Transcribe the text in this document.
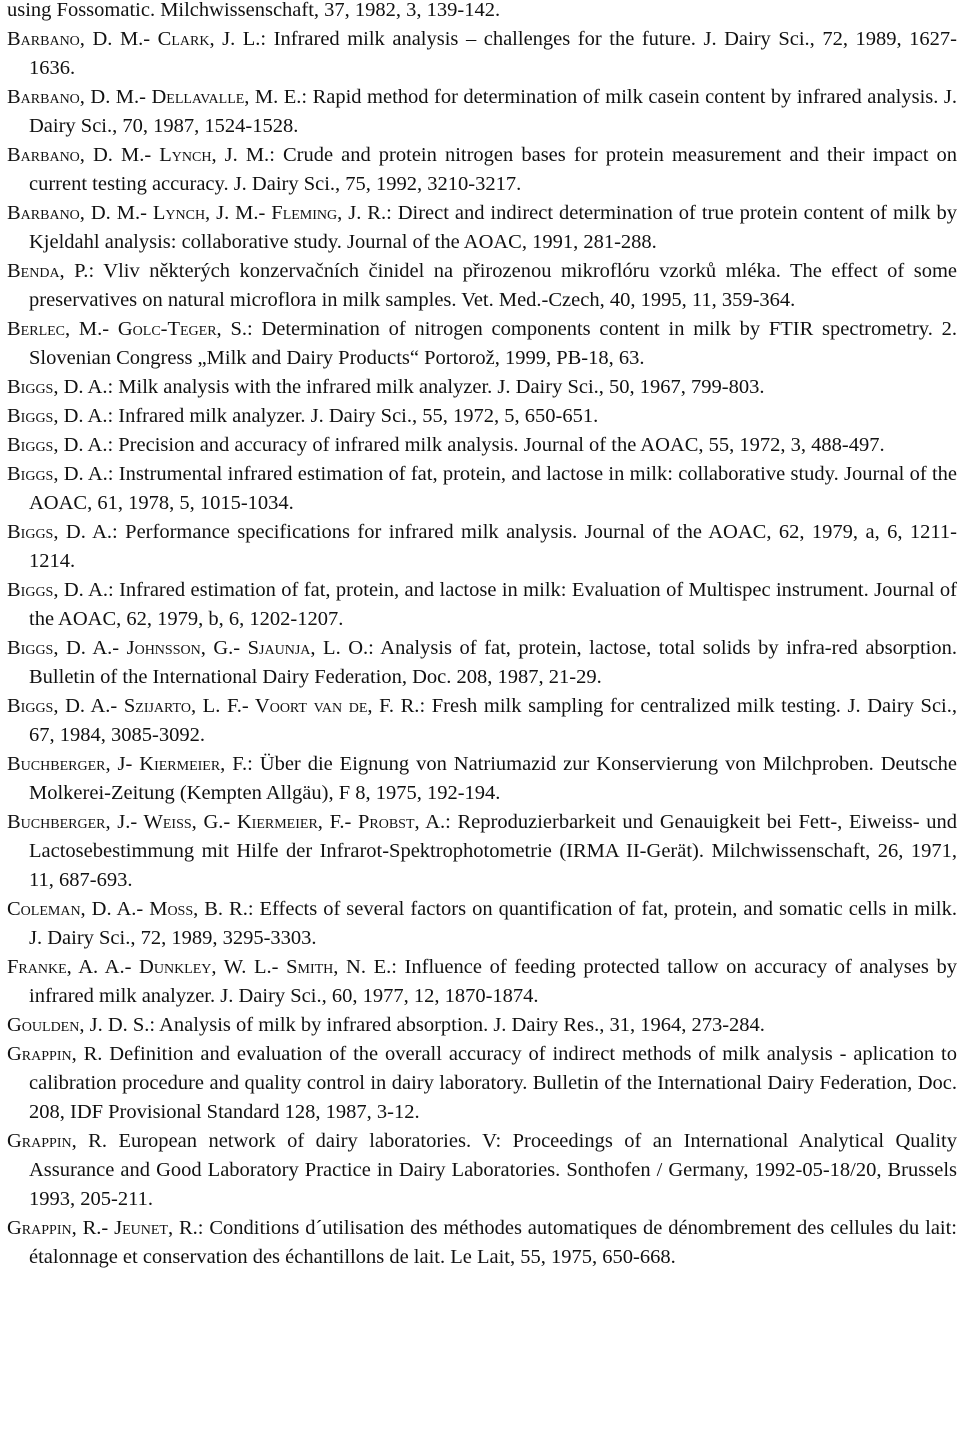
using Fossomatic. Milchwissenschaft, 37, 1982, 3, 139-142.
Barbano, D. M.- Clark, J. L.: Infrared milk analysis – challenges for the future. J. Dairy Sci., 72, 1989, 1627-1636.
Barbano, D. M.- Dellavalle, M. E.: Rapid method for determination of milk casein content by infrared analysis. J. Dairy Sci., 70, 1987, 1524-1528.
Barbano, D. M.- Lynch, J. M.: Crude and protein nitrogen bases for protein measurement and their impact on current testing accuracy. J. Dairy Sci., 75, 1992, 3210-3217.
Barbano, D. M.- Lynch, J. M.- Fleming, J. R.: Direct and indirect determination of true protein content of milk by Kjeldahl analysis: collaborative study. Journal of the AOAC, 1991, 281-288.
Benda, P.: Vliv některých konzervačních činidel na přirozenou mikroflóru vzorků mléka. The effect of some preservatives on natural microflora in milk samples. Vet. Med.-Czech, 40, 1995, 11, 359-364.
Berlec, M.- Golc-Teger, S.: Determination of nitrogen components content in milk by FTIR spectrometry. 2. Slovenian Congress „Milk and Dairy Products“ Portorož, 1999, PB-18, 63.
Biggs, D. A.: Milk analysis with the infrared milk analyzer. J. Dairy Sci., 50, 1967, 799-803.
Biggs, D. A.: Infrared milk analyzer. J. Dairy Sci., 55, 1972, 5, 650-651.
Biggs, D. A.: Precision and accuracy of infrared milk analysis. Journal of the AOAC, 55, 1972, 3, 488-497.
Biggs, D. A.: Instrumental infrared estimation of fat, protein, and lactose in milk: collaborative study. Journal of the AOAC, 61, 1978, 5, 1015-1034.
Biggs, D. A.: Performance specifications for infrared milk analysis. Journal of the AOAC, 62, 1979, a, 6, 1211-1214.
Biggs, D. A.: Infrared estimation of fat, protein, and lactose in milk: Evaluation of Multispec instrument. Journal of the AOAC, 62, 1979, b, 6, 1202-1207.
Biggs, D. A.- Johnsson, G.- Sjaunja, L. O.: Analysis of fat, protein, lactose, total solids by infra-red absorption. Bulletin of the International Dairy Federation, Doc. 208, 1987, 21-29.
Biggs, D. A.- Szijarto, L. F.- Voort van de, F. R.: Fresh milk sampling for centralized milk testing. J. Dairy Sci., 67, 1984, 3085-3092.
Buchberger, J- Kiermeier, F.: Über die Eignung von Natriumazid zur Konservierung von Milchproben. Deutsche Molkerei-Zeitung (Kempten Allgäu), F 8, 1975, 192-194.
Buchberger, J.- Weiss, G.- Kiermeier, F.- Probst, A.: Reproduzierbarkeit und Genauigkeit bei Fett-, Eiweiss- und Lactosebestimmung mit Hilfe der Infrarot-Spektrophotometrie (IRMA II-Gerät). Milchwissenschaft, 26, 1971, 11, 687-693.
Coleman, D. A.- Moss, B. R.: Effects of several factors on quantification of fat, protein, and somatic cells in milk. J. Dairy Sci., 72, 1989, 3295-3303.
Franke, A. A.- Dunkley, W. L.- Smith, N. E.: Influence of feeding protected tallow on accuracy of analyses by infrared milk analyzer. J. Dairy Sci., 60, 1977, 12, 1870-1874.
Goulden, J. D. S.: Analysis of milk by infrared absorption. J. Dairy Res., 31, 1964, 273-284.
Grappin, R. Definition and evaluation of the overall accuracy of indirect methods of milk analysis - aplication to calibration procedure and quality control in dairy laboratory. Bulletin of the International Dairy Federation, Doc. 208, IDF Provisional Standard 128, 1987, 3-12.
Grappin, R. European network of dairy laboratories. V: Proceedings of an International Analytical Quality Assurance and Good Laboratory Practice in Dairy Laboratories. Sonthofen / Germany, 1992-05-18/20, Brussels 1993, 205-211.
Grappin, R.- Jeunet, R.: Conditions d´utilisation des méthodes automatiques de dénombrement des cellules du lait: étalonnage et conservation des échantillons de lait. Le Lait, 55, 1975, 650-668.
